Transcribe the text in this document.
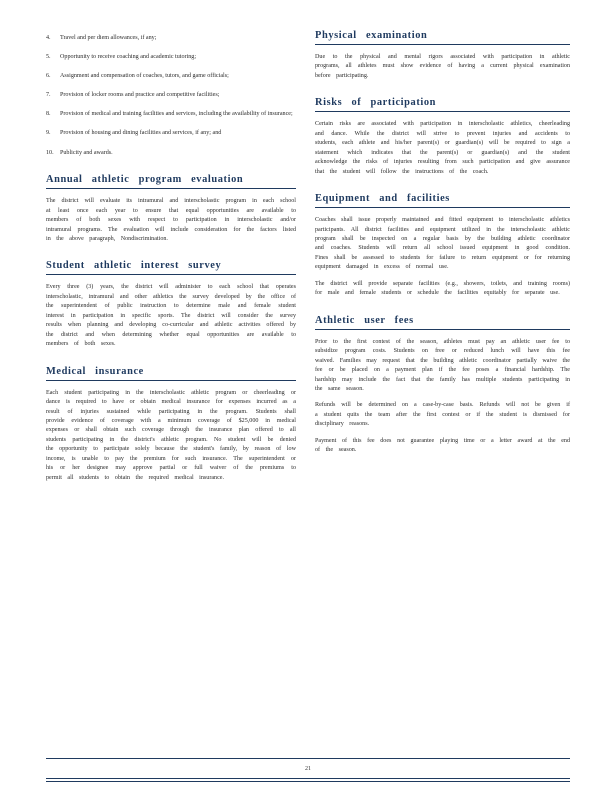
4. Travel and per diem allowances, if any;
5. Opportunity to receive coaching and academic tutoring;
6. Assignment and compensation of coaches, tutors, and game officials;
7. Provision of locker rooms and practice and competitive facilities;
8. Provision of medical and training facilities and services, including the availability of insurance;
9. Provision of housing and dining facilities and services, if any; and
10. Publicity and awards.
Annual athletic program evaluation

The district will evaluate its intramural and interscholastic program in each school at least once each year to ensure that equal opportunities are available to members of both sexes with respect to participation in interscholastic and/or intramural programs. The evaluation will include consideration for the factors listed in the above paragraph, Nondiscrimination.

Student athletic interest survey

Every three (3) years, the district will administer to each school that operates interscholastic, intramural and other athletics the survey developed by the office of the superintendent of public instruction to determine male and female student interest in participation in specific sports. The district will consider the survey results when planning and developing co-curricular and athletic activities offered by the district and when determining whether equal opportunities are available to members of both sexes.

Medical insurance

Each student participating in the interscholastic athletic program or cheerleading or dance is required to have or obtain medical insurance for expenses incurred as a result of injuries sustained while participating in the program. Students shall provide evidence of coverage with a minimum coverage of $25,000 in medical expenses or shall obtain such coverage through the insurance plan offered to all students participating in the district's athletic program. No student will be denied the opportunity to participate solely because the student's family, by reason of low income, is unable to pay the premium for such insurance. The superintendent or his or her designee may approve partial or full waiver of the premiums to permit all students to obtain the required medical insurance.

Physical examination

Due to the physical and mental rigors associated with participation in athletic programs, all athletes must show evidence of having a current physical examination before participating.

Risks of participation

Certain risks are associated with participation in interscholastic athletics, cheerleading and dance. While the district will strive to prevent injuries and accidents to students, each athlete and his/her parent(s) or guardian(s) will be required to sign a statement which indicates that the parent(s) or guardian(s) and the student acknowledge the risks of injuries resulting from such participation and give assurance that the student will follow the instructions of the coach.

Equipment and facilities

Coaches shall issue properly maintained and fitted equipment to interscholastic athletics participants. All district facilities and equipment utilized in the interscholastic athletic program shall be inspected on a regular basis by the building athletic coordinator and coaches. Students will return all school issued equipment in good condition. Fines shall be assessed to students for failure to return equipment or for returning equipment damaged in excess of normal use.

The district will provide separate facilities (e.g., showers, toilets, and training rooms) for male and female students or schedule the facilities equitably for separate use.

Athletic user fees

Prior to the first contest of the season, athletes must pay an athletic user fee to subsidize program costs. Students on free or reduced lunch will have this fee waived. Families may request that the building athletic coordinator partially waive the fee or be placed on a payment plan if the fee poses a financial hardship. The hardship may include the fact that the family has multiple students participating in the same season.

Refunds will be determined on a case-by-case basis. Refunds will not be given if a student quits the team after the first contest or if the student is dismissed for disciplinary reasons.

Payment of this fee does not guarantee playing time or a letter award at the end of the season.

21
